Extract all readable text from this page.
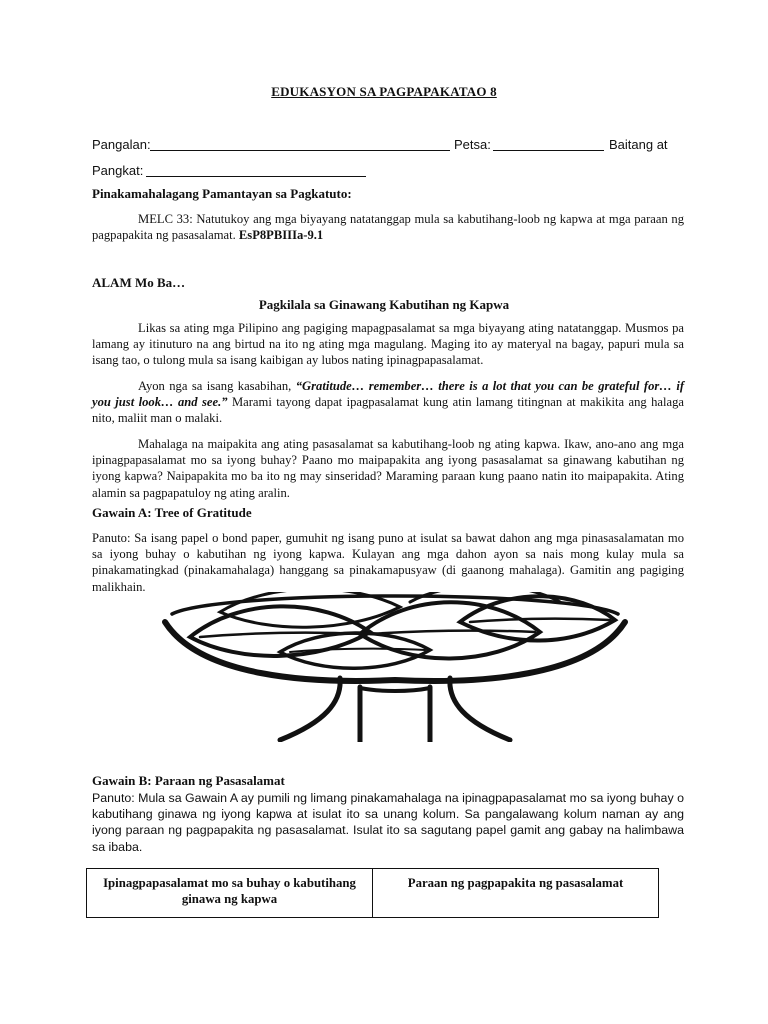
EDUKASYON SA PAGPAPAKATAO 8
Pangalan:	Petsa:	Baitang at
Pangkat:
Pinakamahalagang Pamantayan sa Pagkatuto:
MELC 33: Natutukoy ang mga biyayang natatanggap mula sa kabutihang-loob ng kapwa at mga paraan ng pagpapakita ng pasasalamat. EsP8PBIIIa-9.1
ALAM Mo Ba…
Pagkilala sa Ginawang Kabutihan ng Kapwa
Likas sa ating mga Pilipino ang pagiging mapagpasalamat sa mga biyayang ating natatanggap. Musmos pa lamang ay itinuturo na ang birtud na ito ng ating mga magulang. Maging ito ay materyal na bagay, papuri mula sa isang tao, o tulong mula sa isang kaibigan ay lubos nating ipinagpapasalamat.
Ayon nga sa isang kasabihan, “Gratitude… remember… there is a lot that you can be grateful for… if you just look… and see.” Marami tayong dapat ipagpasalamat kung atin lamang titingnan at makikita ang halaga nito, maliit man o malaki.
Mahalaga na maipakita ang ating pasasalamat sa kabutihang-loob ng ating kapwa. Ikaw, ano-ano ang mga ipinagpapasalamat mo sa iyong buhay? Paano mo maipapakita ang iyong pasasalamat sa ginawang kabutihan ng iyong kapwa? Naipapakita mo ba ito ng may sinseridad? Maraming paraan kung paano natin ito maipapakita. Ating alamin sa pagpapatuloy ng ating aralin.
Gawain A: Tree of Gratitude
Panuto: Sa isang papel o bond paper, gumuhit ng isang puno at isulat sa bawat dahon ang mga pinasasalamatan mo sa iyong buhay o kabutihan ng iyong kapwa. Kulayan ang mga dahon ayon sa nais mong kulay mula sa pinakamatingkad (pinakamahalaga) hanggang sa pinakamapusyaw (di gaanong mahalaga). Gamitin ang pagiging malikhain.
Gawain B: Paraan ng Pasasalamat
Panuto: Mula sa Gawain A ay pumili ng limang pinakamahalaga na ipinagpapasalamat mo sa iyong buhay o kabutihang ginawa ng iyong kapwa at isulat ito sa unang kolum. Sa pangalawang kolum naman ay ang iyong paraan ng pagpapakita ng pasasalamat. Isulat ito sa sagutang papel gamit ang gabay na halimbawa sa ibaba.
Ipinagpapasalamat mo sa buhay o kabutihang ginawa ng kapwa	Paraan ng pagpapakita ng pasasalamat
